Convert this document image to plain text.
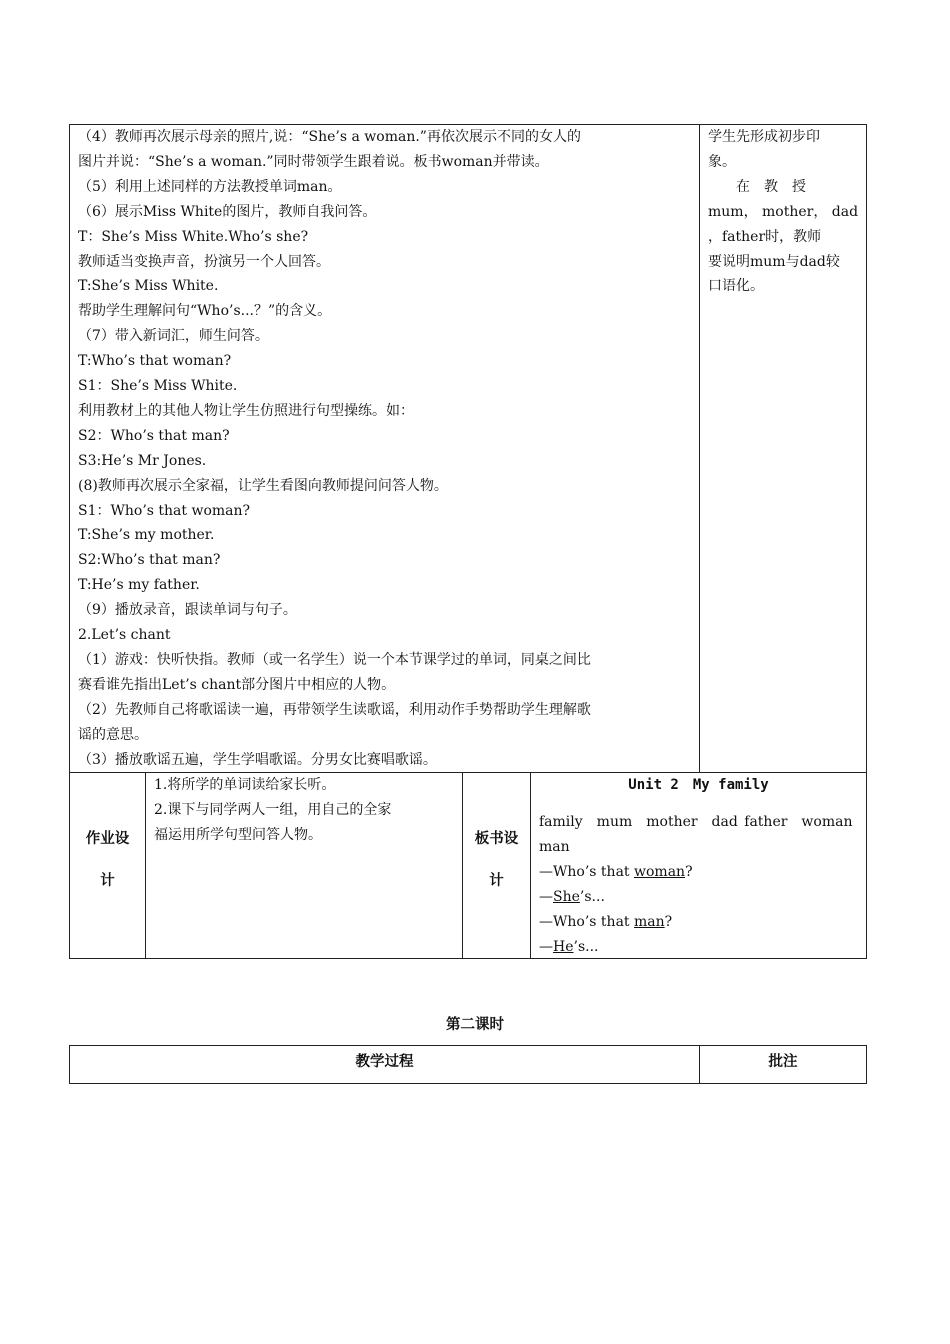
（4）教师再次展示母亲的照片,说：“She’s a woman.”再依次展示不同的女人的
图片并说：“She’s a woman.”同时带领学生跟着说。板书woman并带读。
（5）利用上述同样的方法教授单词man。
（6）展示Miss White的图片，教师自我问答。
T：She’s Miss White.Who’s she?
教师适当变换声音，扮演另一个人回答。
T:She’s Miss White.
帮助学生理解问句“Who’s...？”的含义。
（7）带入新词汇，师生问答。
T:Who’s that woman?
S1：She’s Miss White.
利用教材上的其他人物让学生仿照进行句型操练。如：
S2：Who’s that man?
S3:He’s Mr Jones.
(8)教师再次展示全家福，让学生看图向教师提问问答人物。
S1：Who’s that woman?
T:She’s my mother.
S2:Who’s that man?
T:He’s my father.
（9）播放录音，跟读单词与句子。
2.Let’s chant
（1）游戏：快听快指。教师（或一名学生）说一个本节课学过的单词，同桌之间比
赛看谁先指出Let’s chant部分图片中相应的人物。
（2）先教师自己将歌谣读一遍，再带领学生读歌谣，利用动作手势帮助学生理解歌
谣的意思。
（3）播放歌谣五遍，学生学唱歌谣。分男女比赛唱歌谣。
学生先形成初步印
象。
　　在　教　授
mum， mother， dad
，father时，教师
要说明mum与dad较
口语化。
作业设
计
1.将所学的单词读给家长听。
2.课下与同学两人一组，用自己的全家
福运用所学句型问答人物。	板书设
计
Unit 2　My family
family　mum　mother　dad father　woman
man
—Who’s that woman?
—She’s...
—Who’s that man?
—He’s...
第二课时
教学过程	批注
